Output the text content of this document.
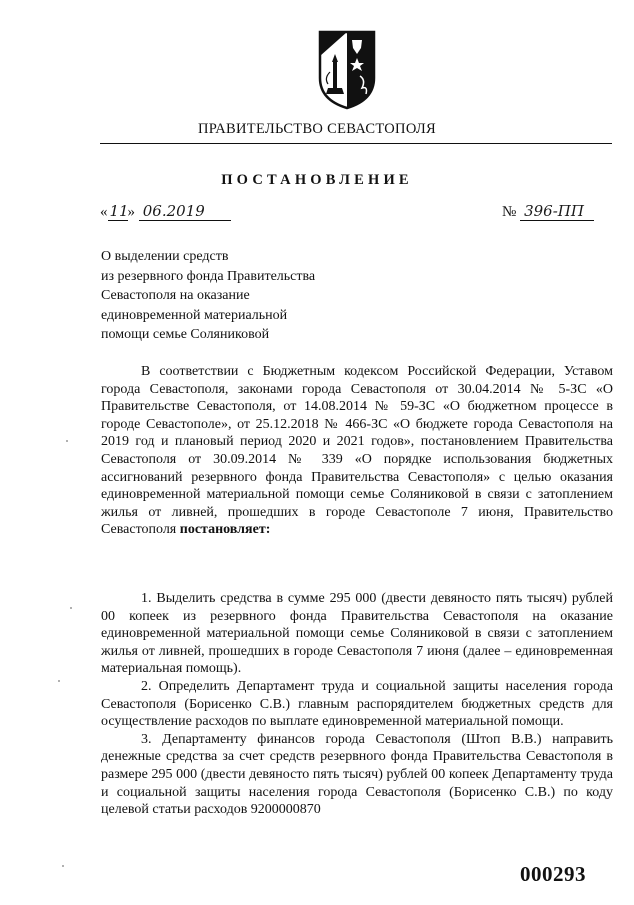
ПРАВИТЕЛЬСТВО СЕВАСТОПОЛЯ
ПОСТАНОВЛЕНИЕ
« 11» 06.2019	№ 396-ПП
О выделении средств
из резервного фонда Правительства
Севастополя на оказание
единовременной материальной
помощи семье Соляниковой

В соответствии с Бюджетным кодексом Российской Федерации, Уставом города Севастополя, законами города Севастополя от 30.04.2014 № 5-ЗС «О Правительстве Севастополя, от 14.08.2014 № 59-ЗС «О бюджетном процессе в городе Севастополе», от 25.12.2018 № 466-ЗС «О бюджете города Севастополя на 2019 год и плановый период 2020 и 2021 годов», постановлением Правительства Севастополя от 30.09.2014 № 339 «О порядке использования бюджетных ассигнований резервного фонда Правительства Севастополя» с целью оказания единовременной материальной помощи семье Соляниковой в связи с затоплением жилья от ливней, прошедших в городе Севастополе 7 июня, Правительство Севастополя постановляет:

1. Выделить средства в сумме 295 000 (двести девяносто пять тысяч) рублей 00 копеек из резервного фонда Правительства Севастополя на оказание единовременной материальной помощи семье Соляниковой в связи с затоплением жилья от ливней, прошедших в городе Севастополя 7 июня (далее – единовременная материальная помощь).

2. Определить Департамент труда и социальной защиты населения города Севастополя (Борисенко С.В.) главным распорядителем бюджетных средств для осуществление расходов по выплате единовременной материальной помощи.

3. Департаменту финансов города Севастополя (Штоп В.В.) направить денежные средства за счет средств резервного фонда Правительства Севастополя в размере 295 000 (двести девяносто пять тысяч) рублей 00 копеек Департаменту труда и социальной защиты населения города Севастополя (Борисенко С.В.) по коду целевой статьи расходов 9200000870

000293
